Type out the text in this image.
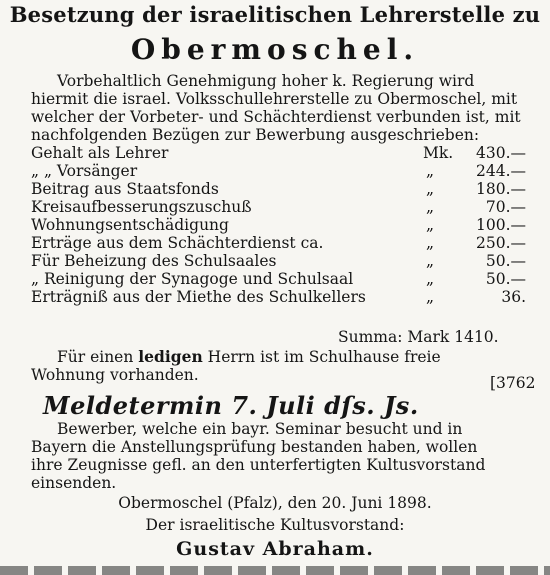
Besetzung der israelitischen Lehrerstelle zu
Obermoschel.
Vorbehaltlich Genehmigung hoher k. Regierung wird
hiermit die israel. Volksschullehrerstelle zu Obermoschel, mit
welcher der Vorbeter- und Schächterdienst verbunden ist, mit
nachfolgenden Bezügen zur Bewerbung ausgeschrieben:
Gehalt als Lehrer	Mk.	430.—
„ „ Vorsänger	„	244.—
Beitrag aus Staatsfonds	„	180.—
Kreisaufbesserungszuschuß	„	70.—
Wohnungsentschädigung	„	100.—
Erträge aus dem Schächterdienst ca.	„	250.—
Für Beheizung des Schulsaales	„	50.—
„ Reinigung der Synagoge und Schulsaal	„	50.—
Erträgniß aus der Miethe des Schulkellers	„	36.
Summa: Mark 1410.
Für einen ledigen Herrn ist im Schulhause freie
Wohnung vorhanden.	[3762
Meldetermin 7. Juli dſs. Js.
Bewerber, welche ein bayr. Seminar besucht und in
Bayern die Anstellungsprüfung bestanden haben, wollen
ihre Zeugnisse gefl. an den unterfertigten Kultusvorstand
einsenden.
Obermoschel (Pfalz), den 20. Juni 1898.
Der israelitische Kultusvorstand:
Gustav Abraham.
